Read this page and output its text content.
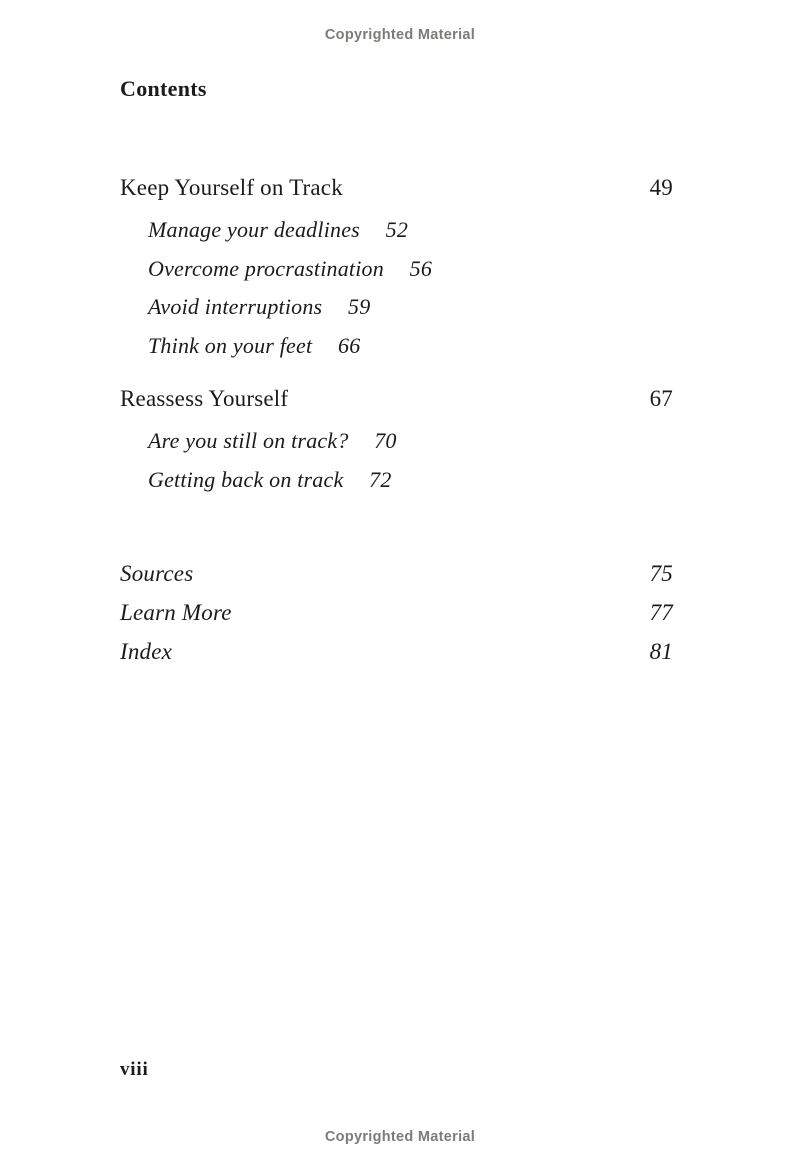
Copyrighted Material
Contents
Keep Yourself on Track	49
Manage your deadlines 52
Overcome procrastination 56
Avoid interruptions 59
Think on your feet 66
Reassess Yourself	67
Are you still on track? 70
Getting back on track 72
Sources	75
Learn More	77
Index	81
viii
Copyrighted Material
